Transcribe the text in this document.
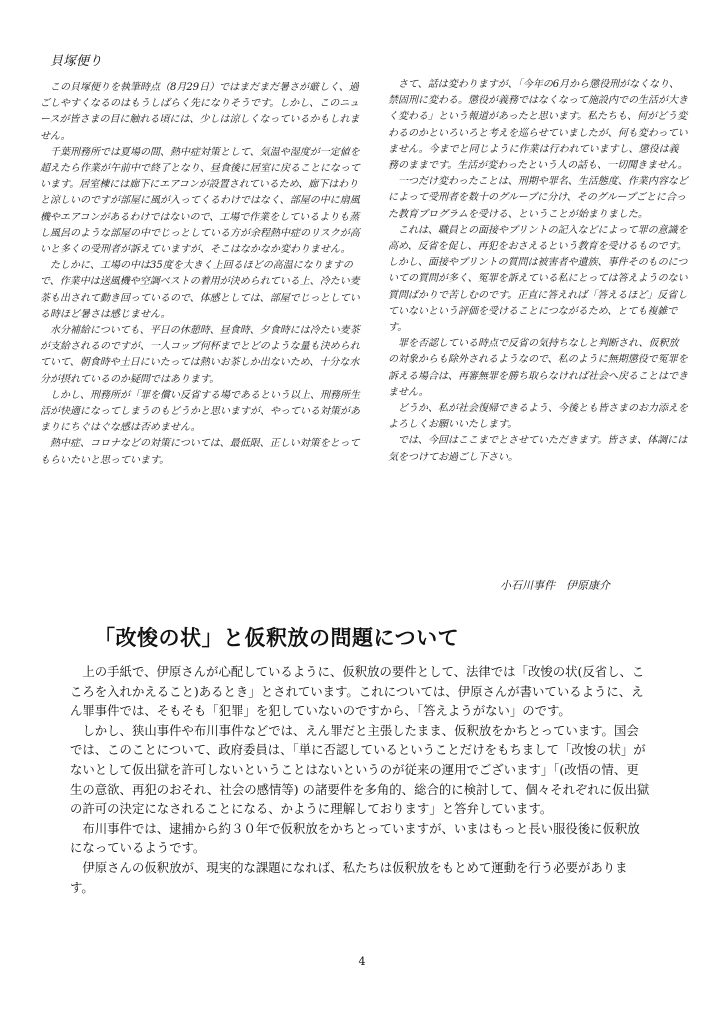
貝塚便り

この貝塚便りを執筆時点（8月29日）ではまだまだ暑さが厳しく、過ごしやすくなるのはもうしばらく先になりそうです。しかし、このニュースが皆さまの目に触れる頃には、少しは涼しくなっているかもしれません。

千葉刑務所では夏場の間、熱中症対策として、気温や湿度が一定値を超えたら作業が午前中で終了となり、昼食後に居室に戻ることになっています。居室棟には廊下にエアコンが設置されているため、廊下はわりと涼しいのですが部屋に風が入ってくるわけではなく、部屋の中に扇風機やエアコンがあるわけではないので、工場で作業をしているよりも蒸し風呂のような部屋の中でじっとしている方が余程熱中症のリスクが高いと多くの受刑者が訴えていますが、そこはなかなか変わりません。

たしかに、工場の中は35度を大きく上回るほどの高温になりますので、作業中は送風機や空調ベストの着用が決められている上、冷たい麦茶も出されて動き回っているので、体感としては、部屋でじっとしている時ほど暑さは感じません。

水分補給についても、平日の休憩時、昼食時、夕食時には冷たい麦茶が支給されるのですが、一人コップ何杯までとどのような量も決められていて、朝食時や土日にいたっては熱いお茶しか出ないため、十分な水分が摂れているのか疑問ではあります。

しかし、刑務所が「罪を償い反省する場であるという以上、刑務所生活が快適になってしまうのもどうかと思いますが、やっている対策があまりにちぐはぐな感は否めません。

熱中症、コロナなどの対策については、最低限、正しい対策をとってもらいたいと思っています。

さて、話は変わりますが、「今年の6月から懲役刑がなくなり、禁固刑に変わる。懲役が義務ではなくなって施設内での生活が大きく変わる」という報道があったと思います。私たちも、何がどう変わるのかといろいろと考えを巡らせていましたが、何も変わっていません。今までと同じように作業は行われていますし、懲役は義務のままです。生活が変わったという人の話も、一切聞きません。

一つだけ変わったことは、刑期や罪名、生活態度、作業内容などによって受刑者を数十のグループに分け、そのグループごとに合った教育プログラムを受ける、ということが始まりました。

これは、職員との面接やプリントの記入などによって罪の意識を高め、反省を促し、再犯をおさえるという教育を受けるものです。しかし、面接やプリントの質問は被害者や遺族、事件そのものについての質問が多く、冤罪を訴えている私にとっては答えようのない質問ばかりで苦しむのです。正直に答えれば「答えるほど」反省していないという評価を受けることにつながるため、とても複雑です。

罪を否認している時点で反省の気持ちなしと判断され、仮釈放の対象からも除外されるようなので、私のように無期懲役で冤罪を訴える場合は、再審無罪を勝ち取らなければ社会へ戻ることはできません。

どうか、私が社会復帰できるよう、今後とも皆さまのお力添えをよろしくお願いいたします。

では、今回はここまでとさせていただきます。皆さま、体調には気をつけてお過ごし下さい。

小石川事件　伊原康介
「改悛の状」と仮釈放の問題について

上の手紙で、伊原さんが心配しているように、仮釈放の要件として、法律では「改悛の状(反省し、こころを入れかえること)あるとき」とされています。これについては、伊原さんが書いているように、えん罪事件では、そもそも「犯罪」を犯していないのですから、「答えようがない」のです。

しかし、狭山事件や布川事件などでは、えん罪だと主張したまま、仮釈放をかちとっています。国会では、このことについて、政府委員は、「単に否認しているということだけをもちまして「改悛の状」がないとして仮出獄を許可しないということはないというのが従来の運用でございます」「(改悟の情、更生の意欲、再犯のおそれ、社会の感情等) の諸要件を多角的、総合的に検討して、個々それぞれに仮出獄の許可の決定になされることになる、かように理解しております」と答弁しています。

布川事件では、逮捕から約３０年で仮釈放をかちとっていますが、いまはもっと長い服役後に仮釈放になっているようです。

伊原さんの仮釈放が、現実的な課題になれば、私たちは仮釈放をもとめて運動を行う必要があります。

4
